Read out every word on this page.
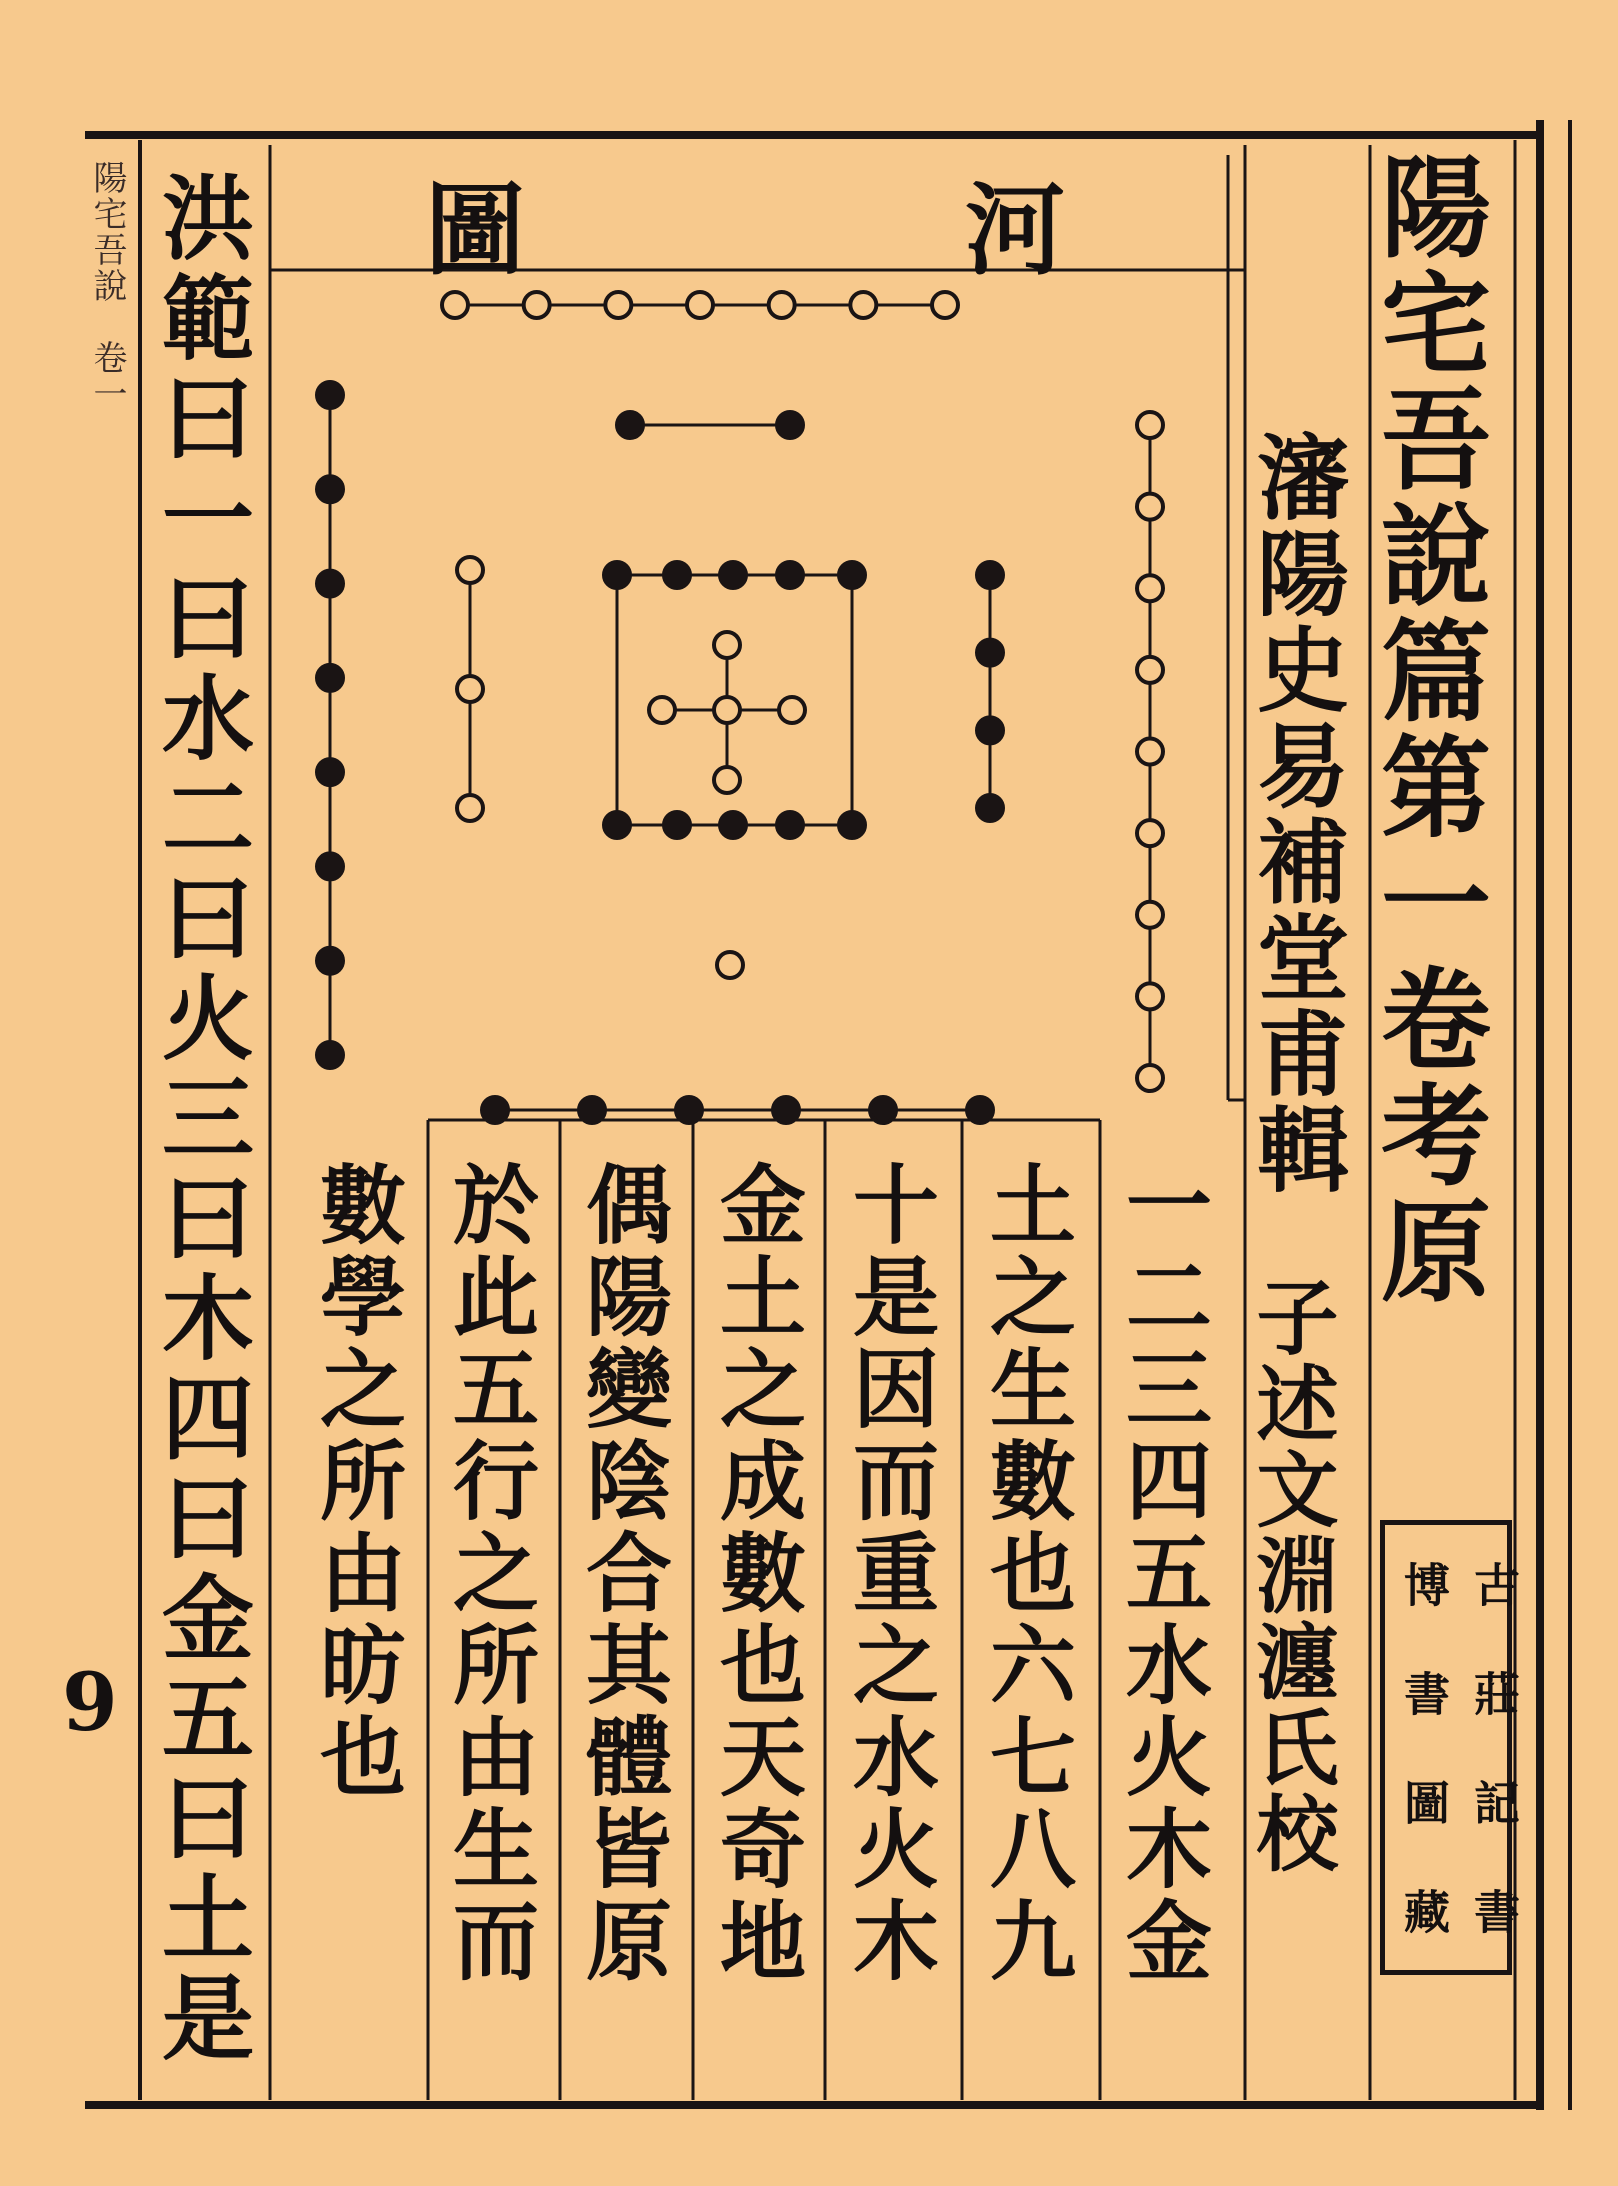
陽宅吾說篇第一卷考原
瀋陽史易補堂甫輯
子述文淵瀍氏校
河
圖
一二三四五水火木金
土之生數也六七八九
十是因而重之水火木
金土之成數也天奇地
偶陽變陰合其體皆原
於此五行之所由生而
數學之所由昉也
洪範曰一曰水二曰火三曰木四曰金五曰土是
陽宅吾說　卷一
9
博 古
書 莊
圖 記
藏 書
